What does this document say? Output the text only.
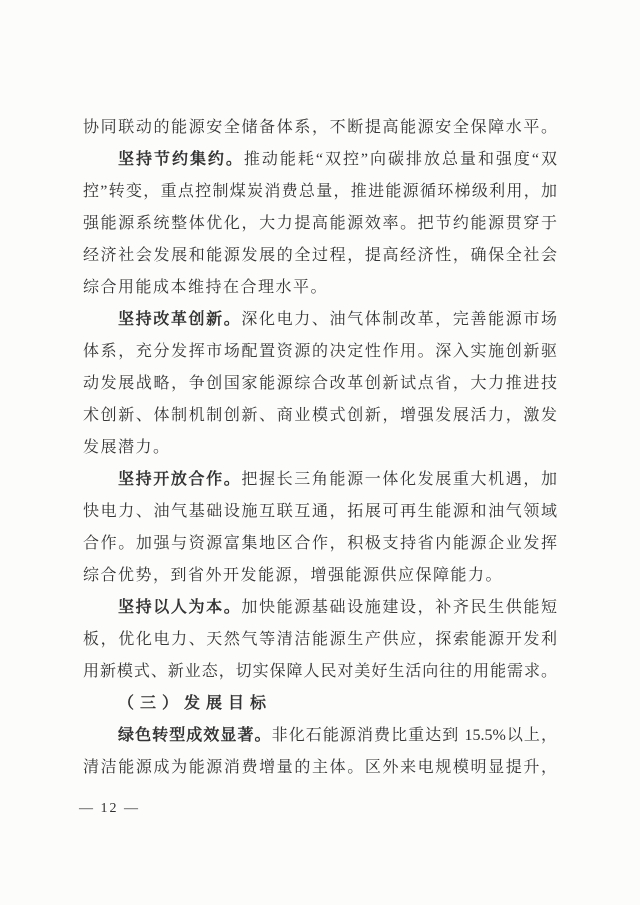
协同联动的能源安全储备体系，不断提高能源安全保障水平。
坚持节约集约。推动能耗“双控”向碳排放总量和强度“双
控”转变，重点控制煤炭消费总量，推进能源循环梯级利用，加
强能源系统整体优化，大力提高能源效率。把节约能源贯穿于
经济社会发展和能源发展的全过程，提高经济性，确保全社会
综合用能成本维持在合理水平。
坚持改革创新。深化电力、油气体制改革，完善能源市场
体系，充分发挥市场配置资源的决定性作用。深入实施创新驱
动发展战略，争创国家能源综合改革创新试点省，大力推进技
术创新、体制机制创新、商业模式创新，增强发展活力，激发
发展潜力。
坚持开放合作。把握长三角能源一体化发展重大机遇，加
快电力、油气基础设施互联互通，拓展可再生能源和油气领域
合作。加强与资源富集地区合作，积极支持省内能源企业发挥
综合优势，到省外开发能源，增强能源供应保障能力。
坚持以人为本。加快能源基础设施建设，补齐民生供能短
板，优化电力、天然气等清洁能源生产供应，探索能源开发利
用新模式、新业态，切实保障人民对美好生活向往的用能需求。
（三）发展目标
绿色转型成效显著。非化石能源消费比重达到 15.5%以上，
清洁能源成为能源消费增量的主体。区外来电规模明显提升，
— 12 —
